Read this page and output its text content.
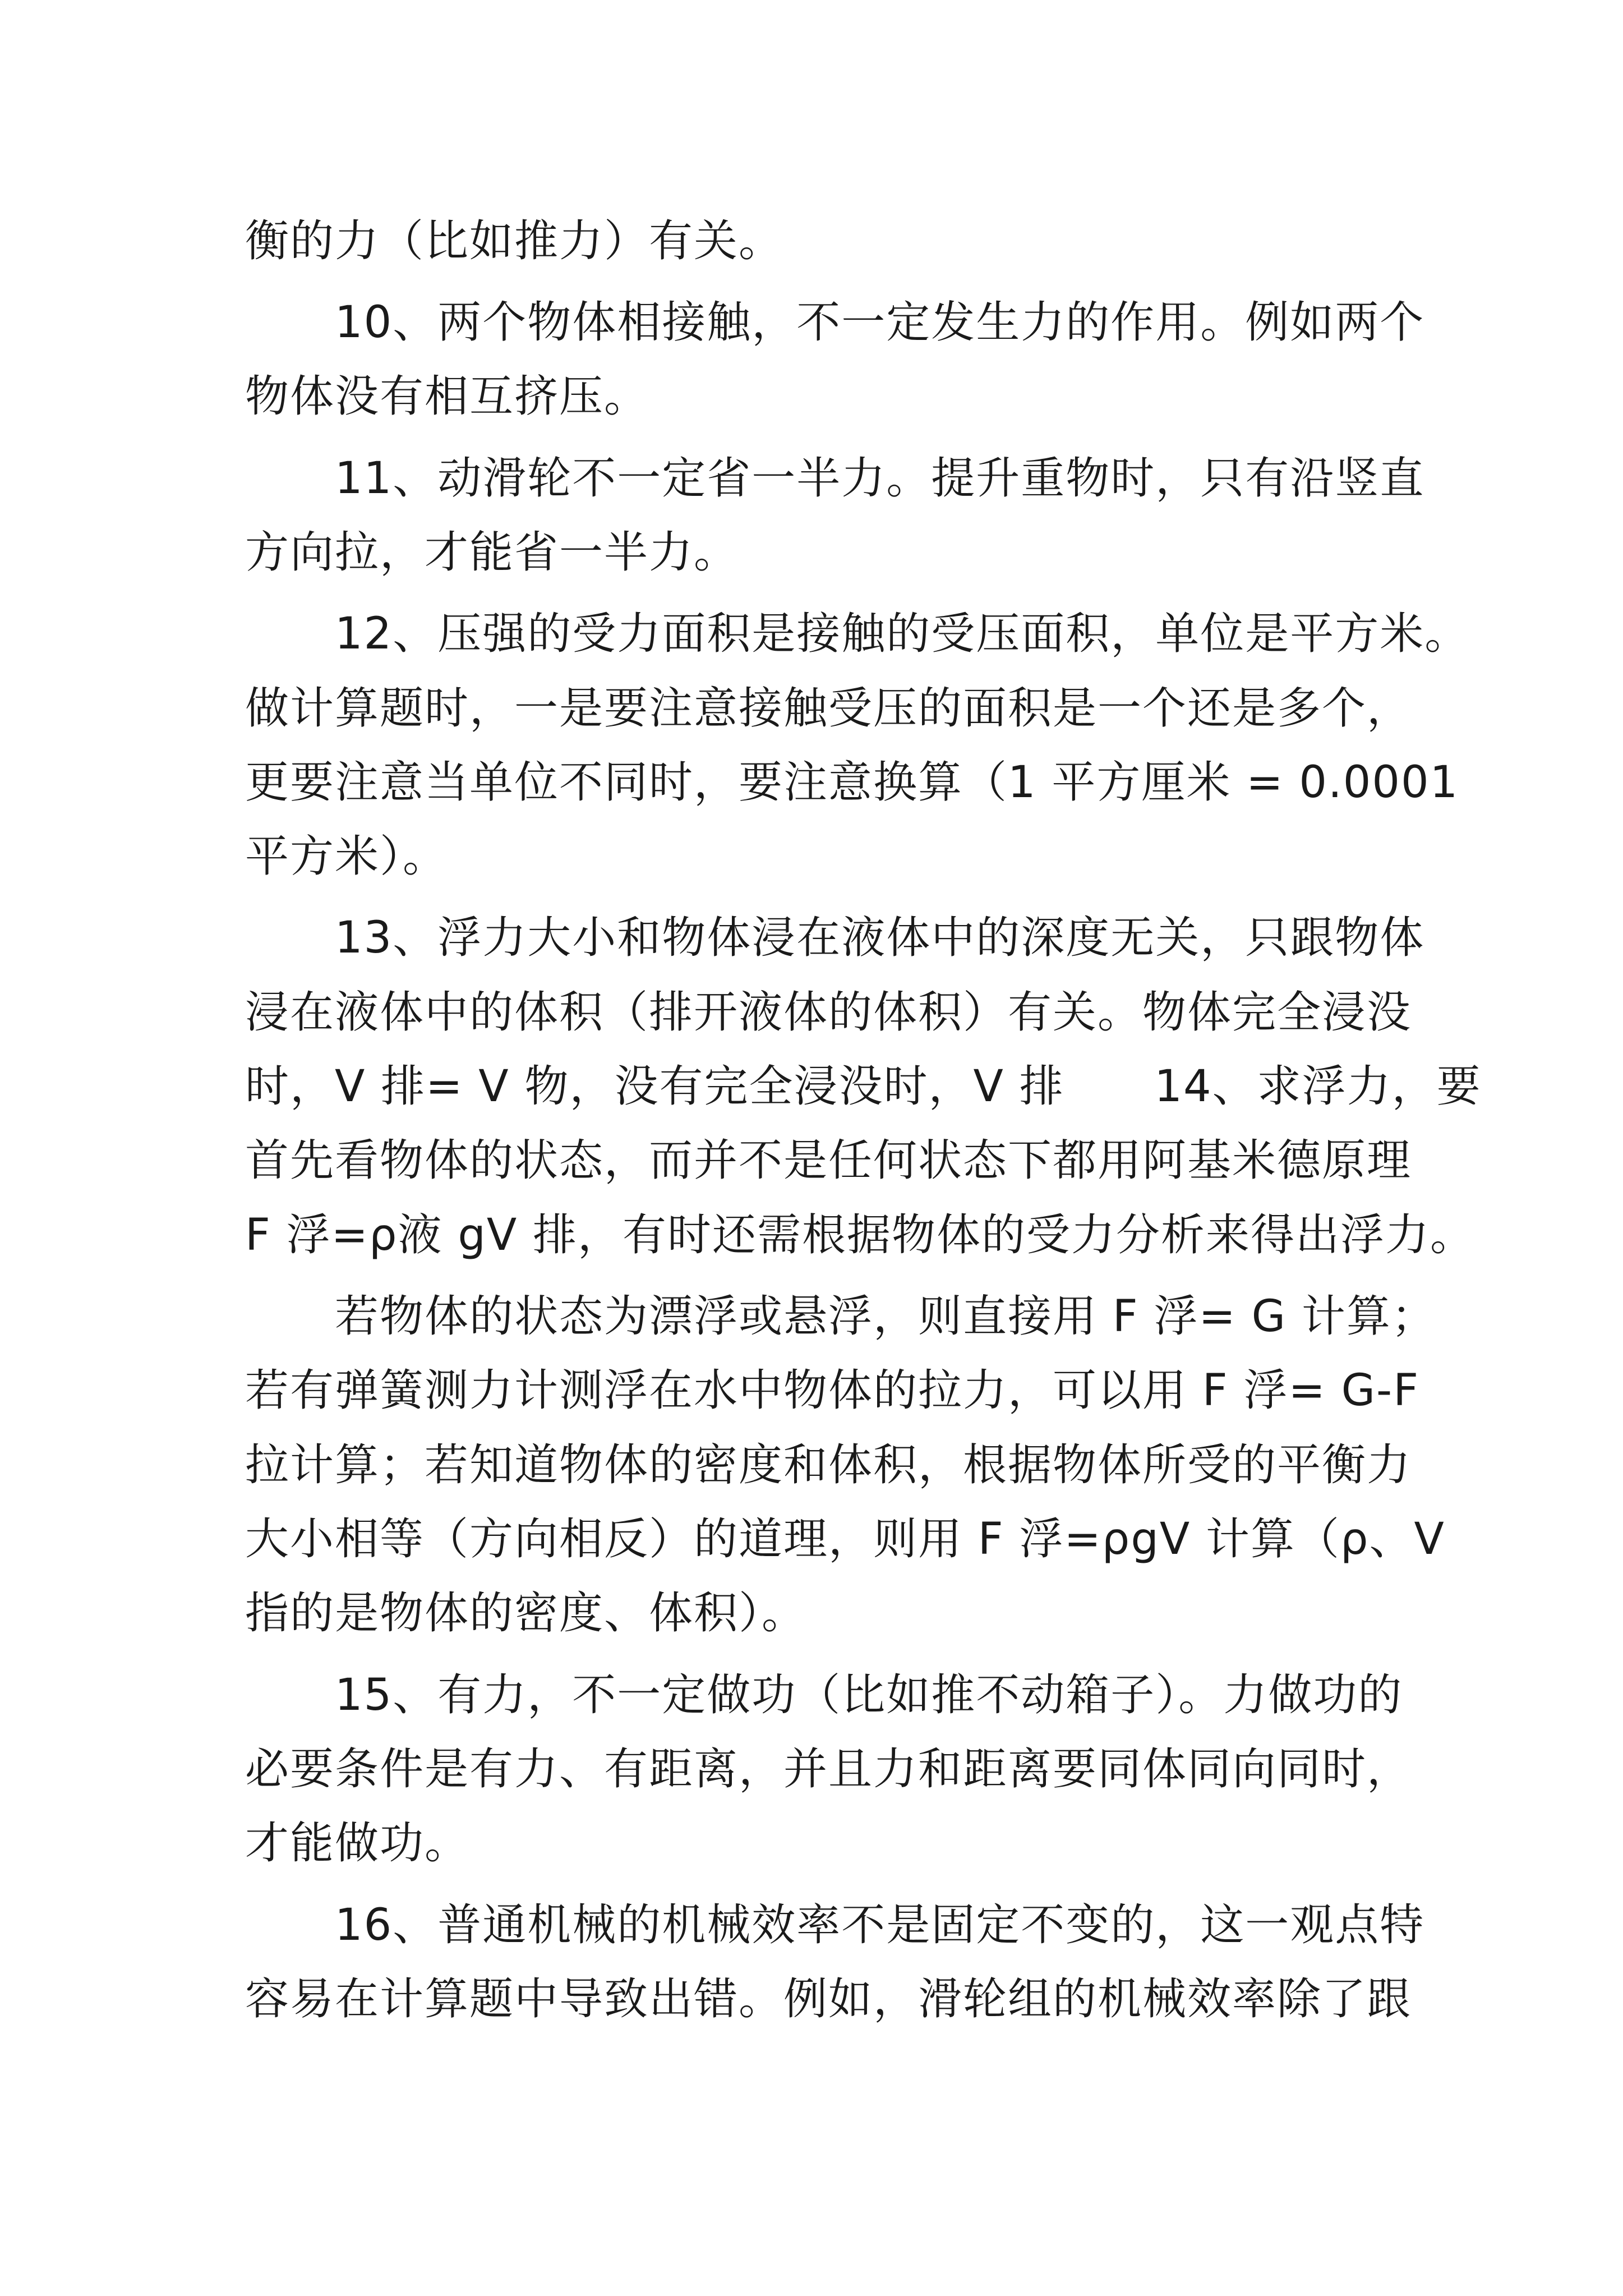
衡的力（比如推力）有关。
10、两个物体相接触，不一定发生力的作用。例如两个
物体没有相互挤压。
11、动滑轮不一定省一半力。提升重物时，只有沿竖直
方向拉，才能省一半力。
12、压强的受力面积是接触的受压面积，单位是平方米。
做计算题时，一是要注意接触受压的面积是一个还是多个，
更要注意当单位不同时，要注意换算（1 平方厘米 = 0.0001
平方米）。
13、浮力大小和物体浸在液体中的深度无关，只跟物体
浸在液体中的体积（排开液体的体积）有关。物体完全浸没
时，V 排= V 物，没有完全浸没时，V 排      14、求浮力，要
首先看物体的状态，而并不是任何状态下都用阿基米德原理
F 浮=ρ液 gV 排，有时还需根据物体的受力分析来得出浮力。
若物体的状态为漂浮或悬浮，则直接用 F 浮= G 计算；
若有弹簧测力计测浮在水中物体的拉力，可以用 F 浮= G-F
拉计算；若知道物体的密度和体积，根据物体所受的平衡力
大小相等（方向相反）的道理，则用 F 浮=ρgV 计算（ρ、V
指的是物体的密度、体积）。
15、有力，不一定做功（比如推不动箱子）。力做功的
必要条件是有力、有距离，并且力和距离要同体同向同时，
才能做功。
16、普通机械的机械效率不是固定不变的，这一观点特
容易在计算题中导致出错。例如，滑轮组的机械效率除了跟
